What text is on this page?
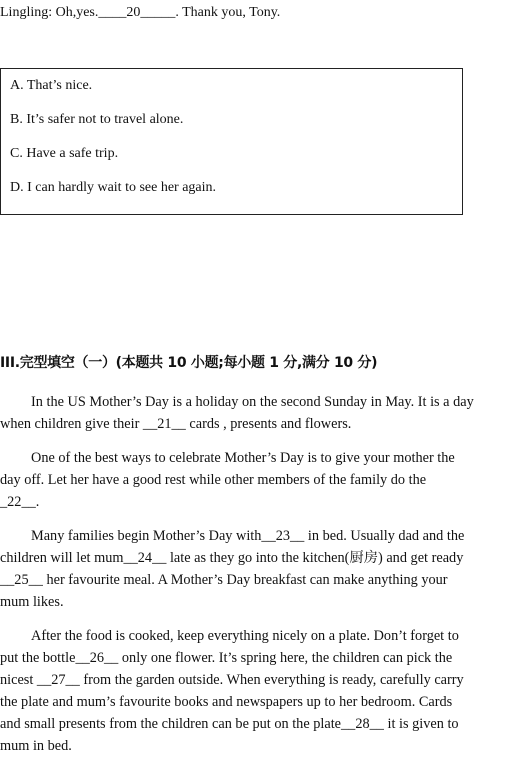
Lingling: Oh,yes.____20_____. Thank you, Tony.
A. That’s nice.
B. It’s safer not to travel alone.
C. Have a safe trip.
D. I can hardly wait to see her again.
III.完型填空（一）(本题共 10 小题;每小题 1 分,满分 10 分)
In the US Mother’s Day is a holiday on the second Sunday in May. It is a day
when children give their __21__ cards , presents and flowers.
One of the best ways to celebrate Mother’s Day is to give your mother the
day off. Let her have a good rest while other members of the family do the
_22__.
Many families begin Mother’s Day with__23__ in bed. Usually dad and the
children will let mum__24__ late as they go into the kitchen(厨房) and get ready
__25__ her favourite meal. A Mother’s Day breakfast can make anything your
mum likes.
After the food is cooked, keep everything nicely on a plate. Don’t forget to
put the bottle__26__ only one flower. It’s spring here, the children can pick the
nicest __27__ from the garden outside. When everything is ready, carefully carry
the plate and mum’s favourite books and newspapers up to her bedroom. Cards
and small presents from the children can be put on the plate__28__ it is given to
mum in bed.
